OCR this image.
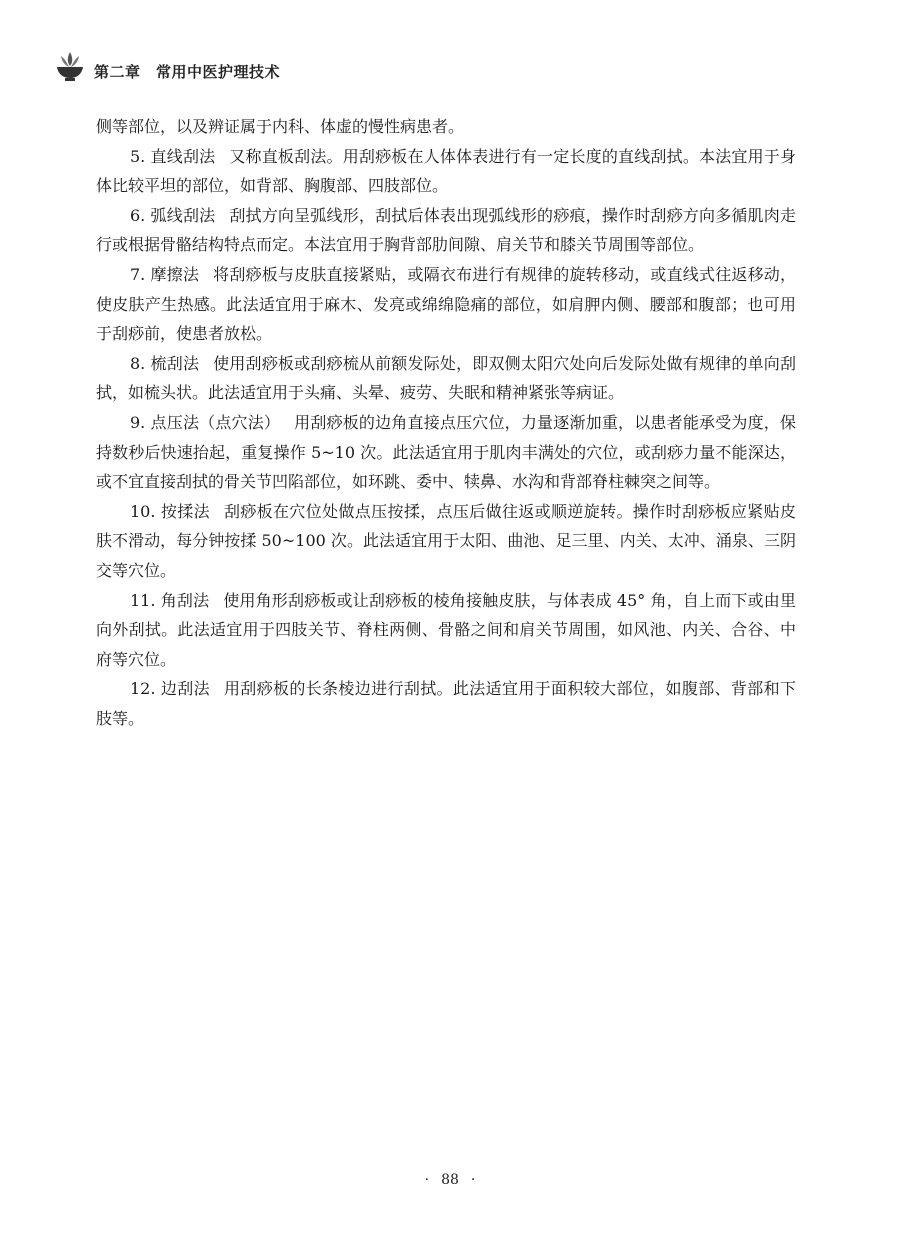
第二章　常用中医护理技术

侧等部位，以及辨证属于内科、体虚的慢性病患者。

5. 直线刮法 又称直板刮法。用刮痧板在人体体表进行有一定长度的直线刮拭。本法宜用于身体比较平坦的部位，如背部、胸腹部、四肢部位。

6. 弧线刮法 刮拭方向呈弧线形，刮拭后体表出现弧线形的痧痕，操作时刮痧方向多循肌肉走行或根据骨骼结构特点而定。本法宜用于胸背部肋间隙、肩关节和膝关节周围等部位。

7. 摩擦法 将刮痧板与皮肤直接紧贴，或隔衣布进行有规律的旋转移动，或直线式往返移动，使皮肤产生热感。此法适宜用于麻木、发亮或绵绵隐痛的部位，如肩胛内侧、腰部和腹部；也可用于刮痧前，使患者放松。

8. 梳刮法 使用刮痧板或刮痧梳从前额发际处，即双侧太阳穴处向后发际处做有规律的单向刮拭，如梳头状。此法适宜用于头痛、头晕、疲劳、失眠和精神紧张等病证。

9. 点压法（点穴法） 用刮痧板的边角直接点压穴位，力量逐渐加重，以患者能承受为度，保持数秒后快速抬起，重复操作 5~10 次。此法适宜用于肌肉丰满处的穴位，或刮痧力量不能深达，或不宜直接刮拭的骨关节凹陷部位，如环跳、委中、犊鼻、水沟和背部脊柱棘突之间等。

10. 按揉法 刮痧板在穴位处做点压按揉，点压后做往返或顺逆旋转。操作时刮痧板应紧贴皮肤不滑动，每分钟按揉 50~100 次。此法适宜用于太阳、曲池、足三里、内关、太冲、涌泉、三阴交等穴位。

11. 角刮法 使用角形刮痧板或让刮痧板的棱角接触皮肤，与体表成 45° 角，自上而下或由里向外刮拭。此法适宜用于四肢关节、脊柱两侧、骨骼之间和肩关节周围，如风池、内关、合谷、中府等穴位。

12. 边刮法 用刮痧板的长条棱边进行刮拭。此法适宜用于面积较大部位，如腹部、背部和下肢等。

· 88 ·
